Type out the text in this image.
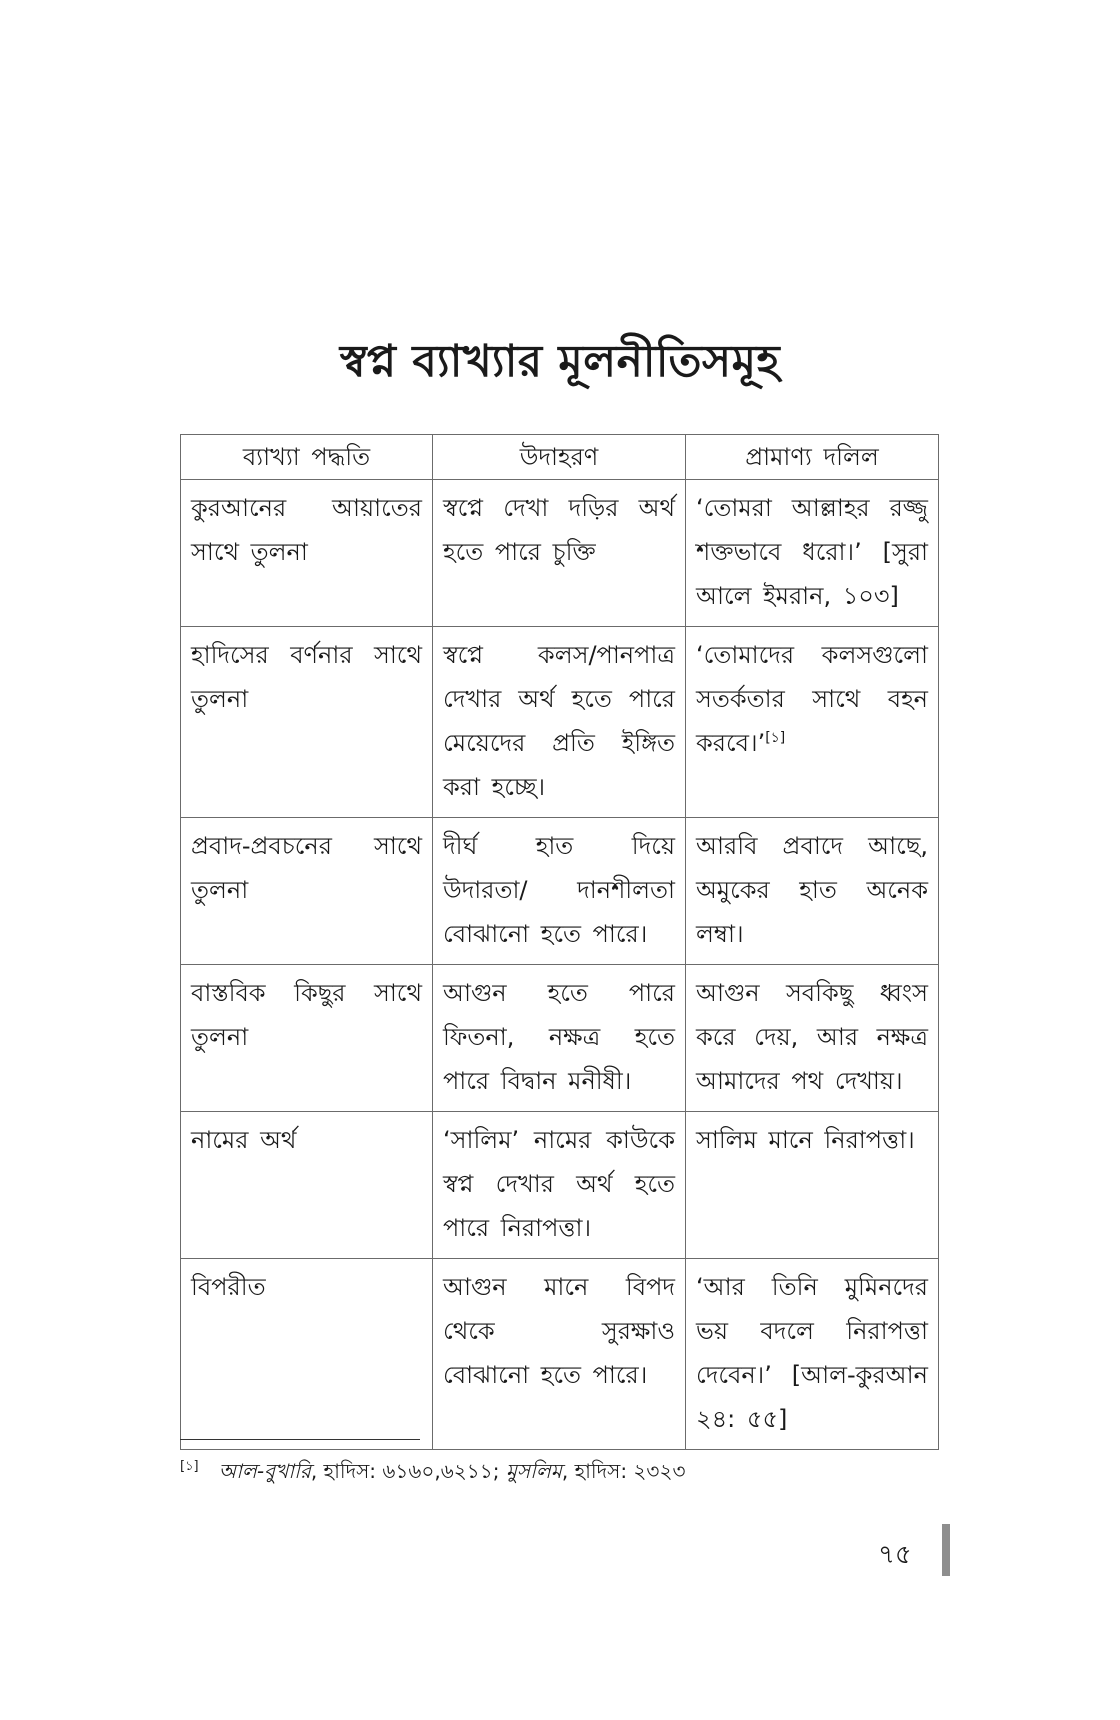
স্বপ্ন ব্যাখ্যার মূলনীতিসমূহ
ব্যাখ্যা পদ্ধতি	উদাহরণ	প্রামাণ্য দলিল
কুরআনের আয়াতের সাথে তুলনা	স্বপ্নে দেখা দড়ির অর্থ হতে পারে চুক্তি	‘তোমরা আল্লাহর রজ্জু শক্তভাবে ধরো।’ [সুরা আলে ইমরান, ১০৩]
হাদিসের বর্ণনার সাথে তুলনা	স্বপ্নে কলস/পানপাত্র দেখার অর্থ হতে পারে মেয়েদের প্রতি ইঙ্গিত করা হচ্ছে।	‘তোমাদের কলসগুলো সতর্কতার সাথে বহন করবে।’[১]
প্রবাদ-প্রবচনের সাথে তুলনা	দীর্ঘ হাত দিয়ে উদারতা/ দানশীলতা বোঝানো হতে পারে।	আরবি প্রবাদে আছে, অমুকের হাত অনেক লম্বা।
বাস্তবিক কিছুর সাথে তুলনা	আগুন হতে পারে ফিতনা, নক্ষত্র হতে পারে বিদ্বান মনীষী।	আগুন সবকিছু ধ্বংস করে দেয়, আর নক্ষত্র আমাদের পথ দেখায়।
নামের অর্থ	‘সালিম’ নামের কাউকে স্বপ্ন দেখার অর্থ হতে পারে নিরাপত্তা।	সালিম মানে নিরাপত্তা।
বিপরীত	আগুন মানে বিপদ থেকে সুরক্ষাও বোঝানো হতে পারে।	‘আর তিনি মুমিনদের ভয় বদলে নিরাপত্তা দেবেন।’ [আল-কুরআন ২৪: ৫৫]
[১] আল-বুখারি, হাদিস: ৬১৬০,৬২১১; মুসলিম, হাদিস: ২৩২৩
৭৫
